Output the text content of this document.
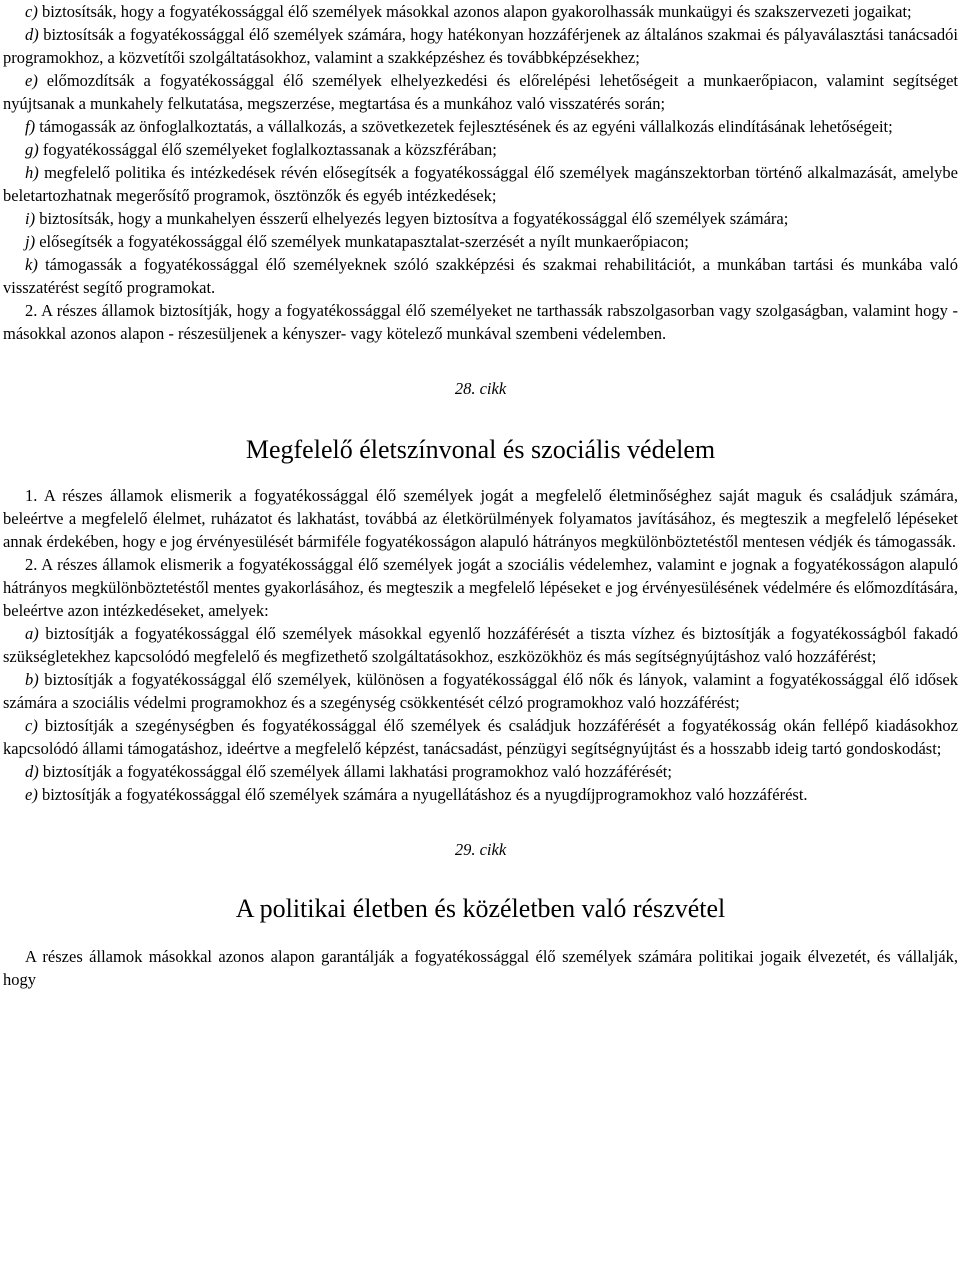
c) biztosítsák, hogy a fogyatékossággal élő személyek másokkal azonos alapon gyakorolhassák munkaügyi és szakszervezeti jogaikat;

d) biztosítsák a fogyatékossággal élő személyek számára, hogy hatékonyan hozzáférjenek az általános szakmai és pályaválasztási tanácsadói programokhoz, a közvetítői szolgáltatásokhoz, valamint a szakképzéshez és továbbképzésekhez;

e) előmozdítsák a fogyatékossággal élő személyek elhelyezkedési és előrelépési lehetőségeit a munkaerőpiacon, valamint segítséget nyújtsanak a munkahely felkutatása, megszerzése, megtartása és a munkához való visszatérés során;

f) támogassák az önfoglalkoztatás, a vállalkozás, a szövetkezetek fejlesztésének és az egyéni vállalkozás elindításának lehetőségeit;

g) fogyatékossággal élő személyeket foglalkoztassanak a közszférában;

h) megfelelő politika és intézkedések révén elősegítsék a fogyatékossággal élő személyek magánszektorban történő alkalmazását, amelybe beletartozhatnak megerősítő programok, ösztönzők és egyéb intézkedések;

i) biztosítsák, hogy a munkahelyen ésszerű elhelyezés legyen biztosítva a fogyatékossággal élő személyek számára;

j) elősegítsék a fogyatékossággal élő személyek munkatapasztalat-szerzését a nyílt munkaerőpiacon;

k) támogassák a fogyatékossággal élő személyeknek szóló szakképzési és szakmai rehabilitációt, a munkában tartási és munkába való visszatérést segítő programokat.

2. A részes államok biztosítják, hogy a fogyatékossággal élő személyeket ne tarthassák rabszolgasorban vagy szolgaságban, valamint hogy - másokkal azonos alapon - részesüljenek a kényszer- vagy kötelező munkával szembeni védelemben.

28. cikk

Megfelelő életszínvonal és szociális védelem

1. A részes államok elismerik a fogyatékossággal élő személyek jogát a megfelelő életminőséghez saját maguk és családjuk számára, beleértve a megfelelő élelmet, ruházatot és lakhatást, továbbá az életkörülmények folyamatos javításához, és megteszik a megfelelő lépéseket annak érdekében, hogy e jog érvényesülését bármiféle fogyatékosságon alapuló hátrányos megkülönböztetéstől mentesen védjék és támogassák.

2. A részes államok elismerik a fogyatékossággal élő személyek jogát a szociális védelemhez, valamint e jognak a fogyatékosságon alapuló hátrányos megkülönböztetéstől mentes gyakorlásához, és megteszik a megfelelő lépéseket e jog érvényesülésének védelmére és előmozdítására, beleértve azon intézkedéseket, amelyek:

a) biztosítják a fogyatékossággal élő személyek másokkal egyenlő hozzáférését a tiszta vízhez és biztosítják a fogyatékosságból fakadó szükségletekhez kapcsolódó megfelelő és megfizethető szolgáltatásokhoz, eszközökhöz és más segítségnyújtáshoz való hozzáférést;

b) biztosítják a fogyatékossággal élő személyek, különösen a fogyatékossággal élő nők és lányok, valamint a fogyatékossággal élő idősek számára a szociális védelmi programokhoz és a szegénység csökkentését célzó programokhoz való hozzáférést;

c) biztosítják a szegénységben és fogyatékossággal élő személyek és családjuk hozzáférését a fogyatékosság okán fellépő kiadásokhoz kapcsolódó állami támogatáshoz, ideértve a megfelelő képzést, tanácsadást, pénzügyi segítségnyújtást és a hosszabb ideig tartó gondoskodást;

d) biztosítják a fogyatékossággal élő személyek állami lakhatási programokhoz való hozzáférését;

e) biztosítják a fogyatékossággal élő személyek számára a nyugellátáshoz és a nyugdíjprogramokhoz való hozzáférést.

29. cikk

A politikai életben és közéletben való részvétel

A részes államok másokkal azonos alapon garantálják a fogyatékossággal élő személyek számára politikai jogaik élvezetét, és vállalják, hogy
